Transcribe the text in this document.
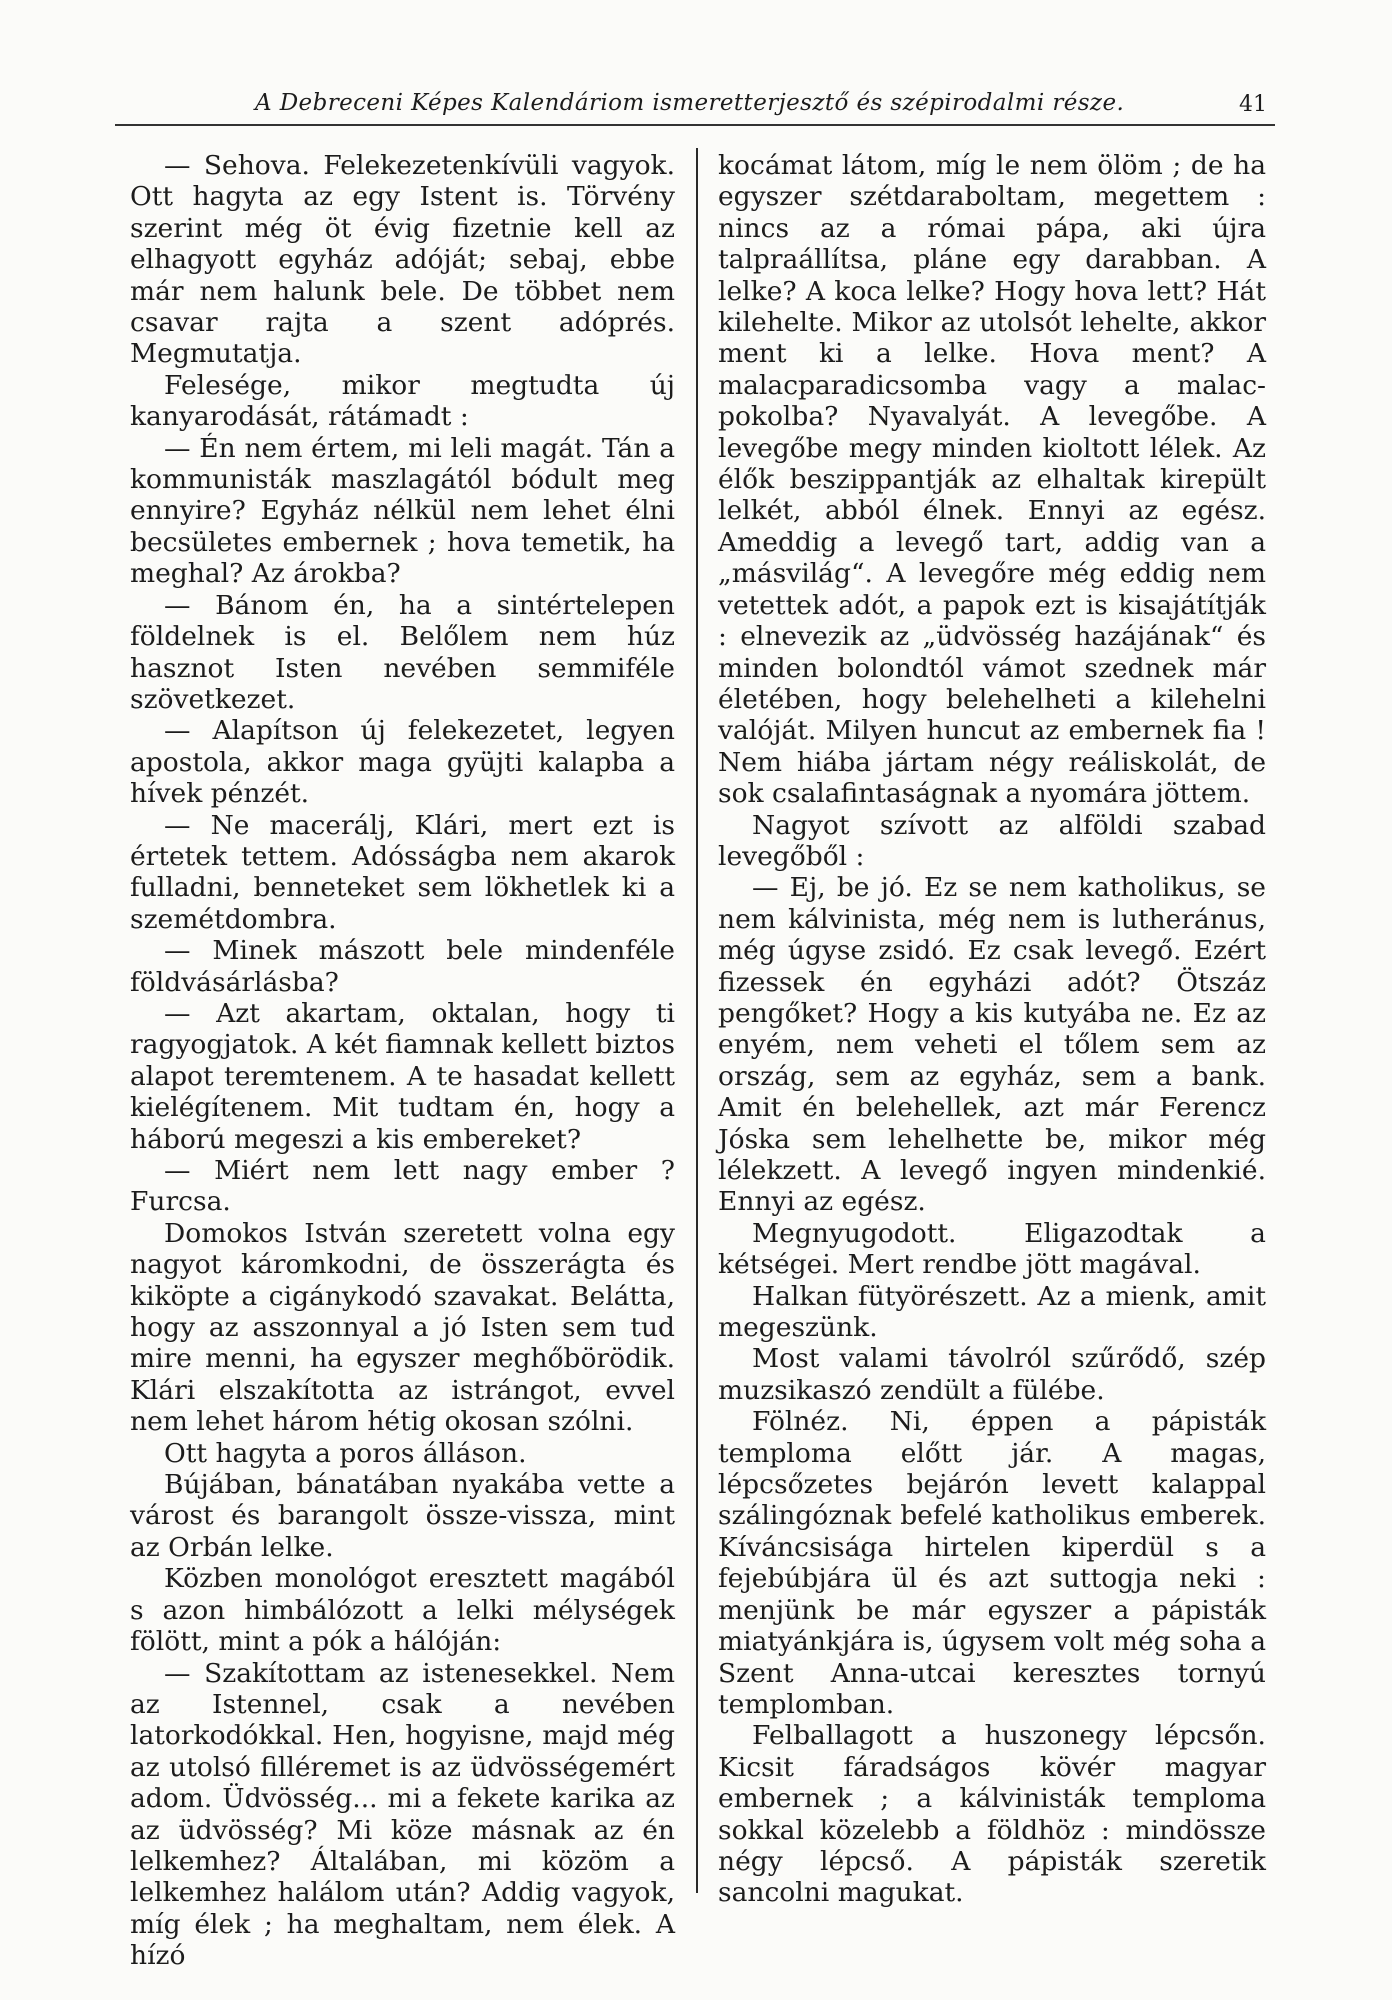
A Debreceni Képes Kalendáriom ismeretterjesztő és szépirodalmi része.	41

— Sehova. Felekezetenkívüli vagyok. Ott hagyta az egy Istent is. Törvény szerint még öt évig fizetnie kell az elhagyott egyház adóját; sebaj, ebbe már nem halunk bele. De többet nem csavar rajta a szent adóprés. Megmutatja.

Felesége, mikor megtudta új kanyarodását, rátámadt :

— Én nem értem, mi leli magát. Tán a kommunisták maszlagától bódult meg ennyire? Egyház nélkül nem lehet élni becsületes embernek ; hova temetik, ha meghal? Az árokba?

— Bánom én, ha a sintértelepen földelnek is el. Belőlem nem húz hasznot Isten nevében semmiféle szövetkezet.

— Alapítson új felekezetet, legyen apostola, akkor maga gyüjti kalapba a hívek pénzét.

— Ne macerálj, Klári, mert ezt is értetek tettem. Adósságba nem akarok fulladni, benneteket sem lökhetlek ki a szemétdombra.

— Minek mászott bele mindenféle földvásárlásba?

— Azt akartam, oktalan, hogy ti ragyogjatok. A két fiamnak kellett biztos alapot teremtenem. A te hasadat kellett kielégítenem. Mit tudtam én, hogy a háború megeszi a kis embereket?

— Miért nem lett nagy ember ? Furcsa.

Domokos István szeretett volna egy nagyot káromkodni, de összerágta és kiköpte a cigánykodó szavakat. Belátta, hogy az asszonnyal a jó Isten sem tud mire menni, ha egyszer meghőbörödik. Klári elszakította az istrángot, evvel nem lehet három hétig okosan szólni.

Ott hagyta a poros álláson.

Bújában, bánatában nyakába vette a várost és barangolt össze-vissza, mint az Orbán lelke.

Közben monológot eresztett magából s azon himbálózott a lelki mélységek fölött, mint a pók a hálóján:

— Szakítottam az istenesekkel. Nem az Istennel, csak a nevében latorkodókkal. Hen, hogyisne, majd még az utolsó filléremet is az üdvösségemért adom. Üdvösség... mi a fekete karika az az üdvösség? Mi köze másnak az én lelkemhez? Általában, mi közöm a lelkemhez halálom után? Addig vagyok, míg élek ; ha meghaltam, nem élek. A hízó

kocámat látom, míg le nem ölöm ; de ha egyszer szétdaraboltam, megettem : nincs az a római pápa, aki újra talpraállítsa, pláne egy darabban. A lelke? A koca lelke? Hogy hova lett? Hát kilehelte. Mikor az utolsót lehelte, akkor ment ki a lelke. Hova ment? A malacparadicsomba vagy a malac-pokolba? Nyavalyát. A levegőbe. A levegőbe megy minden kioltott lélek. Az élők beszippantják az elhaltak kirepült lelkét, abból élnek. Ennyi az egész. Ameddig a levegő tart, addig van a „másvilág“. A levegőre még eddig nem vetettek adót, a papok ezt is kisajátítják : elnevezik az „üdvösség hazájának“ és minden bolondtól vámot szednek már életében, hogy belehelheti a kilehelni valóját. Milyen huncut az embernek fia ! Nem hiába jártam négy reáliskolát, de sok csalafintaságnak a nyomára jöttem.

Nagyot szívott az alföldi szabad levegőből :

— Ej, be jó. Ez se nem katholikus, se nem kálvinista, még nem is lutheránus, még úgyse zsidó. Ez csak levegő. Ezért fizessek én egyházi adót? Ötszáz pengőket? Hogy a kis kutyába ne. Ez az enyém, nem veheti el tőlem sem az ország, sem az egyház, sem a bank. Amit én belehellek, azt már Ferencz Jóska sem lehelhette be, mikor még lélekzett. A levegő ingyen mindenkié. Ennyi az egész.

Megnyugodott. Eligazodtak a kétségei. Mert rendbe jött magával.

Halkan fütyörészett. Az a mienk, amit megeszünk.

Most valami távolról szűrődő, szép muzsikaszó zendült a fülébe.

Fölnéz. Ni, éppen a pápisták temploma előtt jár. A magas, lépcsőzetes bejárón levett kalappal szálingóznak befelé katholikus emberek. Kíváncsisága hirtelen kiperdül s a fejebúbjára ül és azt suttogja neki : menjünk be már egyszer a pápisták miatyánkjára is, úgysem volt még soha a Szent Anna-utcai keresztes tornyú templomban.

Felballagott a huszonegy lépcsőn. Kicsit fáradságos kövér magyar embernek ; a kálvinisták temploma sokkal közelebb a földhöz : mindössze négy lépcső. A pápisták szeretik sancolni magukat.
